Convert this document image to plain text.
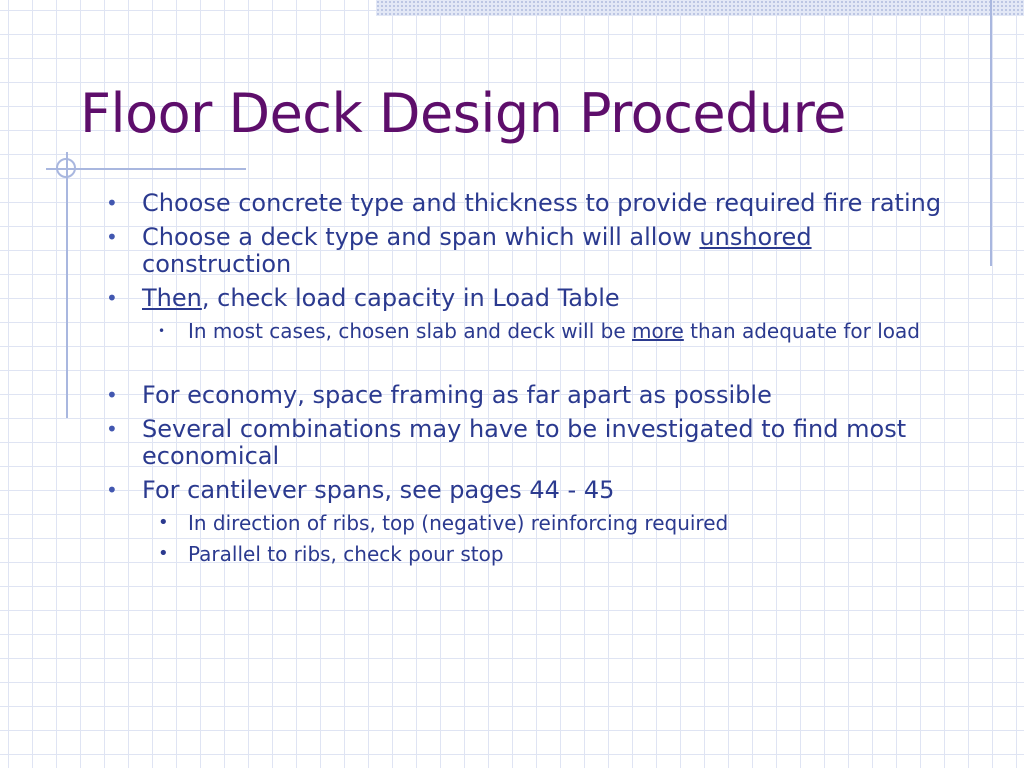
Floor Deck Design Procedure
• Choose concrete type and thickness to provide required fire rating
• Choose a deck type and span which will allow unshored construction
• Then, check load capacity in Load Table
• In most cases, chosen slab and deck will be more than adequate for load
• For economy, space framing as far apart as possible
• Several combinations may have to be investigated to find most economical
• For cantilever spans, see pages 44 - 45
• In direction of ribs, top (negative) reinforcing required
• Parallel to ribs, check pour stop
